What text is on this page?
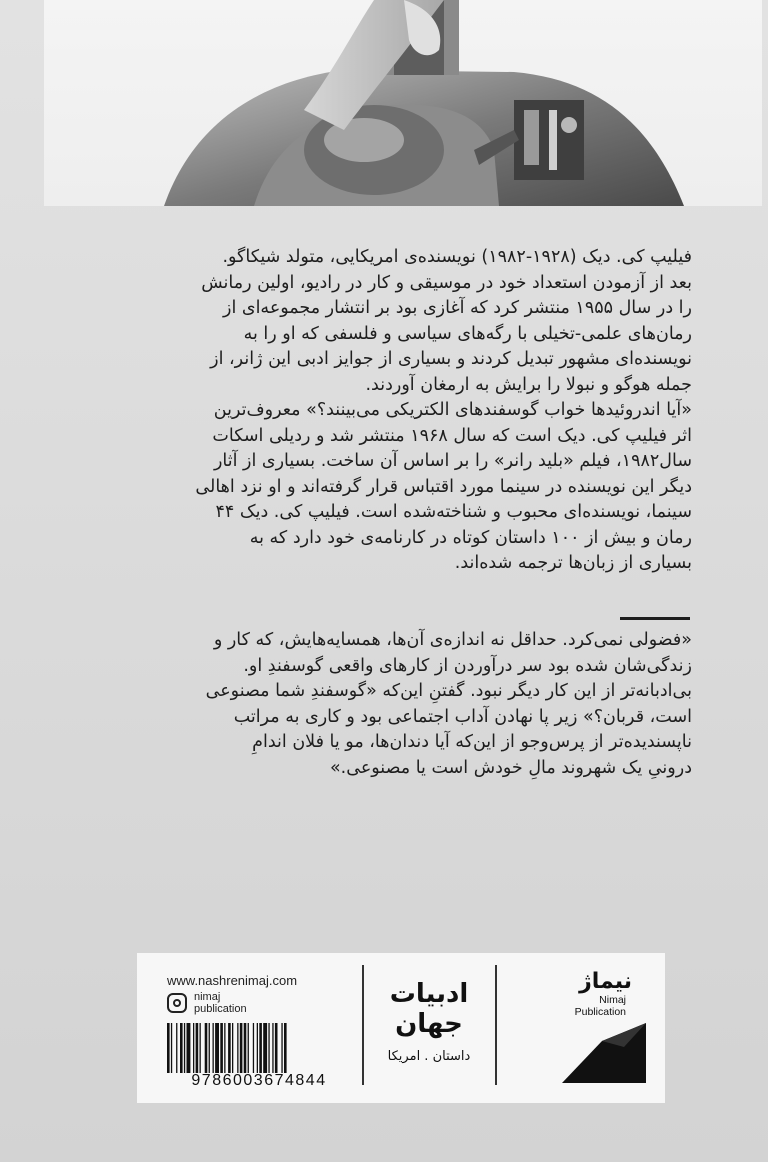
فیلیپ کی. دیک (۱۹۲۸-۱۹۸۲) نویسنده‌ی امریکایی، متولد شیکاگو.

بعد از آزمودن استعداد خود در موسیقی و کار در رادیو، اولین رمانش

را در سال ۱۹۵۵ منتشر کرد که آغازی بود بر انتشار مجموعه‌ای از

رمان‌های علمی-تخیلی با رگه‌های سیاسی و فلسفی که او را به

نویسنده‌ای مشهور تبدیل کردند و بسیاری از جوایز ادبی این ژانر، از

جمله هوگو و نبولا را برایش به ارمغان آوردند.

«آیا اندروئیدها خواب گوسفندهای الکتریکی می‌بینند؟» معروف‌ترین

اثر فیلیپ کی. دیک است که سال ۱۹۶۸ منتشر شد و ردیلی اسکات

سال۱۹۸۲، فیلم «بلید رانر» را بر اساس آن ساخت. بسیاری از آثار

دیگر این نویسنده در سینما مورد اقتباس قرار گرفته‌اند و او نزد اهالی

سینما، نویسنده‌ای محبوب و شناخته‌شده است. فیلیپ کی. دیک ۴۴

رمان و بیش از ۱۰۰ داستان کوتاه در کارنامه‌ی خود دارد که به

بسیاری از زبان‌ها ترجمه شده‌اند.

«فضولی نمی‌کرد. حداقل نه اندازه‌ی آن‌ها، همسایه‌هایش، که کار و

زندگی‌شان شده بود سر درآوردن از کارهای واقعی گوسفندِ او.

بی‌ادبانه‌تر از این کار دیگر نبود. گفتنِ این‌که «گوسفندِ شما مصنوعی

است، قربان؟» زیر پا نهادن آداب اجتماعی بود و کاری به مراتب

ناپسندیده‌تر از پرس‌وجو از این‌که آیا دندان‌ها، مو یا فلان اندامِ

درونیِ یک شهروند مالِ خودش است یا مصنوعی.»

www.nashrenimaj.com
nimaj
publication
9786003674844
ادبیات
جهان
داستان . امریکا
نیماژ
Nimaj
Publication
